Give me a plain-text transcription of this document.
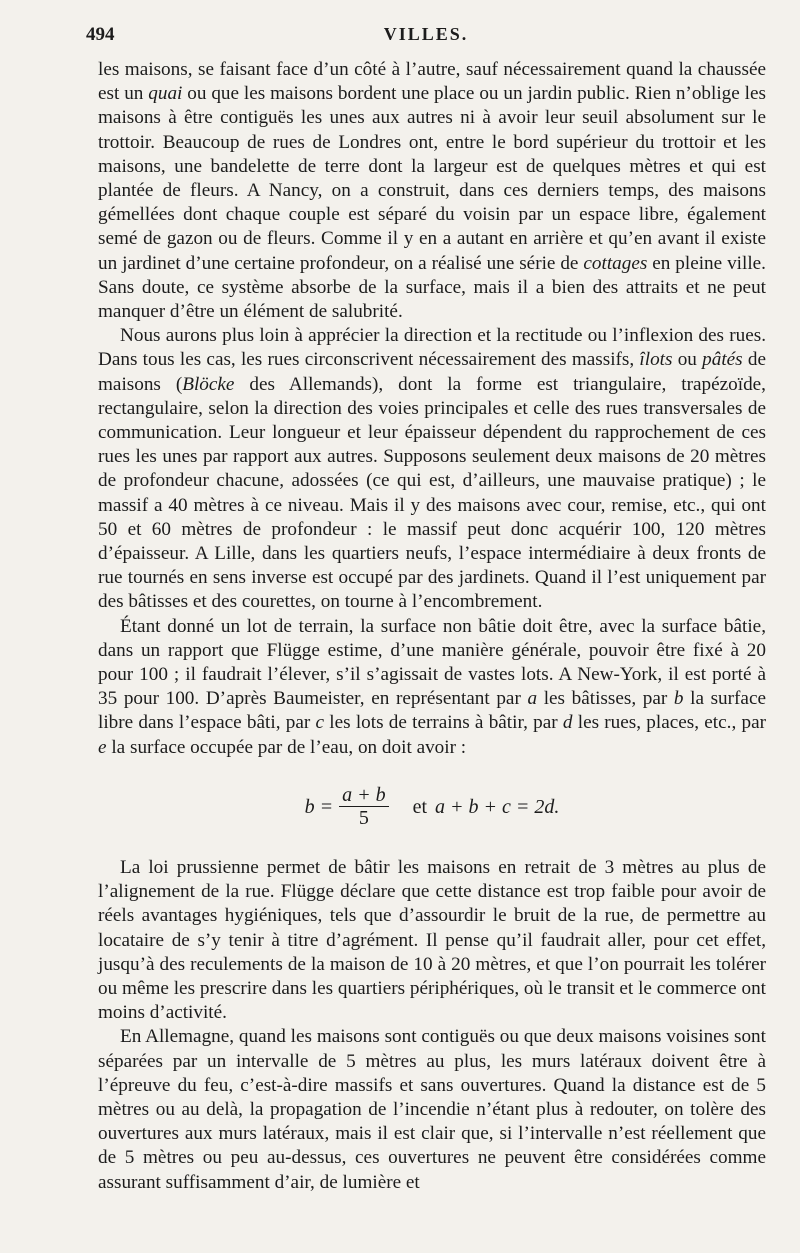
494	VILLES.

les maisons, se faisant face d’un côté à l’autre, sauf nécessairement quand la chaussée est un quai ou que les maisons bordent une place ou un jardin public. Rien n’oblige les maisons à être contiguës les unes aux autres ni à avoir leur seuil absolument sur le trottoir. Beaucoup de rues de Londres ont, entre le bord supérieur du trottoir et les maisons, une bandelette de terre dont la largeur est de quelques mètres et qui est plantée de fleurs. A Nancy, on a construit, dans ces derniers temps, des maisons gémellées dont chaque couple est séparé du voisin par un espace libre, également semé de gazon ou de fleurs. Comme il y en a autant en arrière et qu’en avant il existe un jardinet d’une certaine profondeur, on a réalisé une série de cottages en pleine ville. Sans doute, ce système absorbe de la surface, mais il a bien des attraits et ne peut manquer d’être un élément de salubrité.

Nous aurons plus loin à apprécier la direction et la rectitude ou l’inflexion des rues. Dans tous les cas, les rues circonscrivent nécessairement des massifs, îlots ou pâtés de maisons (Blöcke des Allemands), dont la forme est triangulaire, trapézoïde, rectangulaire, selon la direction des voies principales et celle des rues transversales de communication. Leur longueur et leur épaisseur dépendent du rapprochement de ces rues les unes par rapport aux autres. Supposons seulement deux maisons de 20 mètres de profondeur chacune, adossées (ce qui est, d’ailleurs, une mauvaise pratique) ; le massif a 40 mètres à ce niveau. Mais il y des maisons avec cour, remise, etc., qui ont 50 et 60 mètres de profondeur : le massif peut donc acquérir 100, 120 mètres d’épaisseur. A Lille, dans les quartiers neufs, l’espace intermédiaire à deux fronts de rue tournés en sens inverse est occupé par des jardinets. Quand il l’est uniquement par des bâtisses et des courettes, on tourne à l’encombrement.

Étant donné un lot de terrain, la surface non bâtie doit être, avec la surface bâtie, dans un rapport que Flügge estime, d’une manière générale, pouvoir être fixé à 20 pour 100 ; il faudrait l’élever, s’il s’agissait de vastes lots. A New-York, il est porté à 35 pour 100. D’après Baumeister, en représentant par a les bâtisses, par b la surface libre dans l’espace bâti, par c les lots de terrains à bâtir, par d les rues, places, etc., par e la surface occupée par de l’eau, on doit avoir :

$b = \frac{a + b}{5}$ et a + b + c = 2d.

La loi prussienne permet de bâtir les maisons en retrait de 3 mètres au plus de l’alignement de la rue. Flügge déclare que cette distance est trop faible pour avoir de réels avantages hygiéniques, tels que d’assourdir le bruit de la rue, de permettre au locataire de s’y tenir à titre d’agrément. Il pense qu’il faudrait aller, pour cet effet, jusqu’à des reculements de la maison de 10 à 20 mètres, et que l’on pourrait les tolérer ou même les prescrire dans les quartiers périphériques, où le transit et le commerce ont moins d’activité.

En Allemagne, quand les maisons sont contiguës ou que deux maisons voisines sont séparées par un intervalle de 5 mètres au plus, les murs latéraux doivent être à l’épreuve du feu, c’est-à-dire massifs et sans ouvertures. Quand la distance est de 5 mètres ou au delà, la propagation de l’incendie n’étant plus à redouter, on tolère des ouvertures aux murs latéraux, mais il est clair que, si l’intervalle n’est réellement que de 5 mètres ou peu au-dessus, ces ouvertures ne peuvent être considérées comme assurant suffisamment d’air, de lumière et
